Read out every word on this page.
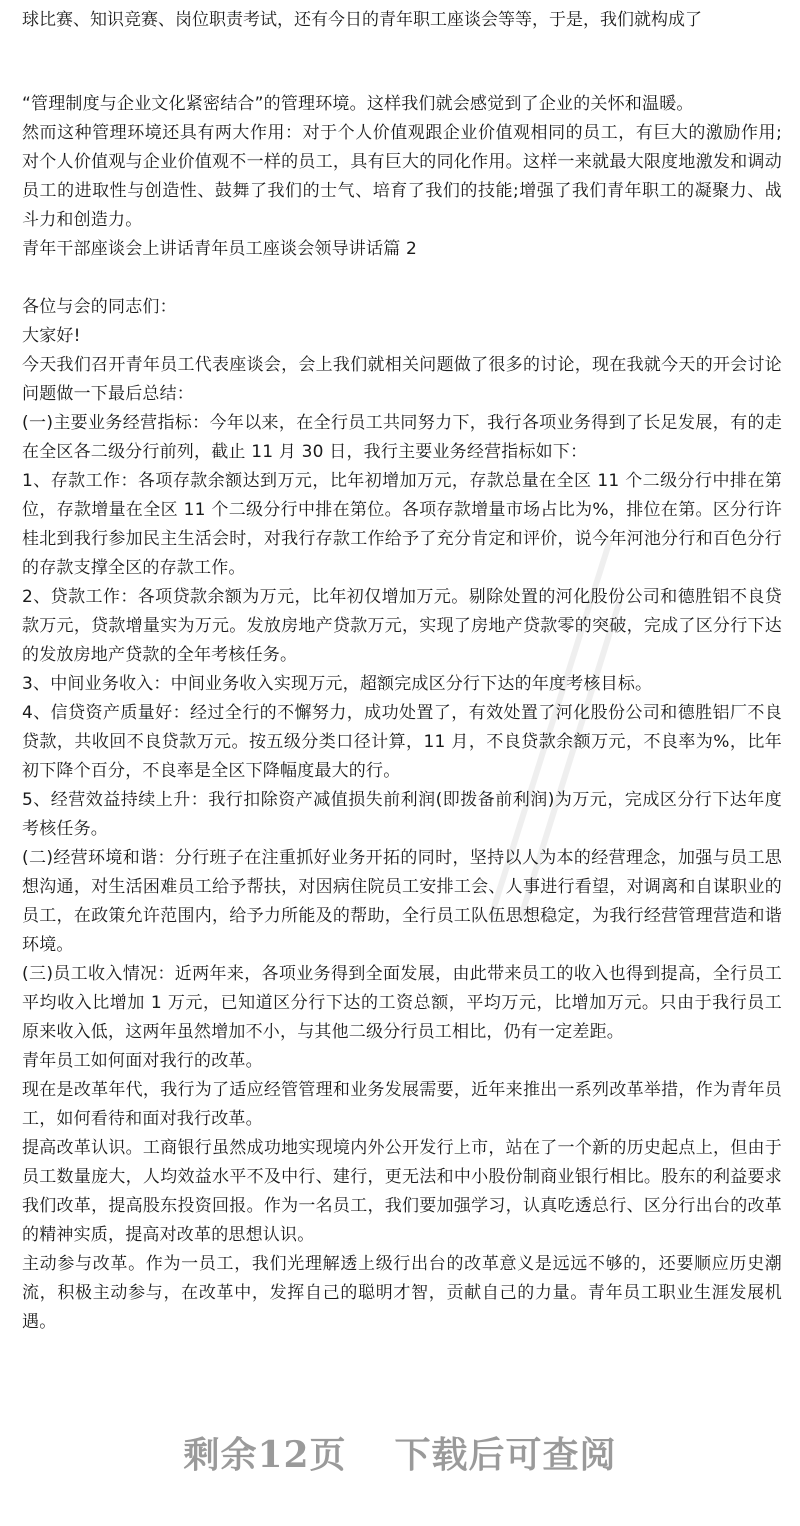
球比赛、知识竞赛、岗位职责考试，还有今日的青年职工座谈会等等，于是，我们就构成了

“管理制度与企业文化紧密结合”的管理环境。这样我们就会感觉到了企业的关怀和温暖。

然而这种管理环境还具有两大作用：对于个人价值观跟企业价值观相同的员工，有巨大的激励作用;对个人价值观与企业价值观不一样的员工，具有巨大的同化作用。这样一来就最大限度地激发和调动员工的进取性与创造性、鼓舞了我们的士气、培育了我们的技能;增强了我们青年职工的凝聚力、战斗力和创造力。

青年干部座谈会上讲话青年员工座谈会领导讲话篇 2

各位与会的同志们：

大家好!

今天我们召开青年员工代表座谈会，会上我们就相关问题做了很多的讨论，现在我就今天的开会讨论问题做一下最后总结：

(一)主要业务经营指标：今年以来，在全行员工共同努力下，我行各项业务得到了长足发展，有的走在全区各二级分行前列，截止 11 月 30 日，我行主要业务经营指标如下：

1、存款工作：各项存款余额达到万元，比年初增加万元，存款总量在全区 11 个二级分行中排在第位，存款增量在全区 11 个二级分行中排在第位。各项存款增量市场占比为%，排位在第。区分行许桂北到我行参加民主生活会时，对我行存款工作给予了充分肯定和评价，说今年河池分行和百色分行的存款支撑全区的存款工作。

2、贷款工作：各项贷款余额为万元，比年初仅增加万元。剔除处置的河化股份公司和德胜铝不良贷款万元，贷款增量实为万元。发放房地产贷款万元，实现了房地产贷款零的突破，完成了区分行下达的发放房地产贷款的全年考核任务。

3、中间业务收入：中间业务收入实现万元，超额完成区分行下达的年度考核目标。

4、信贷资产质量好：经过全行的不懈努力，成功处置了，有效处置了河化股份公司和德胜铝厂不良贷款，共收回不良贷款万元。按五级分类口径计算，11 月，不良贷款余额万元，不良率为%，比年初下降个百分，不良率是全区下降幅度最大的行。

5、经营效益持续上升：我行扣除资产减值损失前利润(即拨备前利润)为万元，完成区分行下达年度考核任务。

(二)经营环境和谐：分行班子在注重抓好业务开拓的同时，坚持以人为本的经营理念，加强与员工思想沟通，对生活困难员工给予帮扶，对因病住院员工安排工会、人事进行看望，对调离和自谋职业的员工，在政策允许范围内，给予力所能及的帮助，全行员工队伍思想稳定，为我行经营管理营造和谐环境。

(三)员工收入情况：近两年来，各项业务得到全面发展，由此带来员工的收入也得到提高，全行员工平均收入比增加 1 万元，已知道区分行下达的工资总额，平均万元，比增加万元。只由于我行员工原来收入低，这两年虽然增加不小，与其他二级分行员工相比，仍有一定差距。

青年员工如何面对我行的改革。

现在是改革年代，我行为了适应经管管理和业务发展需要，近年来推出一系列改革举措，作为青年员工，如何看待和面对我行改革。

提高改革认识。工商银行虽然成功地实现境内外公开发行上市，站在了一个新的历史起点上，但由于员工数量庞大，人均效益水平不及中行、建行，更无法和中小股份制商业银行相比。股东的利益要求我们改革，提高股东投资回报。作为一名员工，我们要加强学习，认真吃透总行、区分行出台的改革的精神实质，提高对改革的思想认识。

主动参与改革。作为一员工，我们光理解透上级行出台的改革意义是远远不够的，还要顺应历史潮流，积极主动参与，在改革中，发挥自己的聪明才智，贡献自己的力量。青年员工职业生涯发展机遇。

剩余12页 下载后可查阅
